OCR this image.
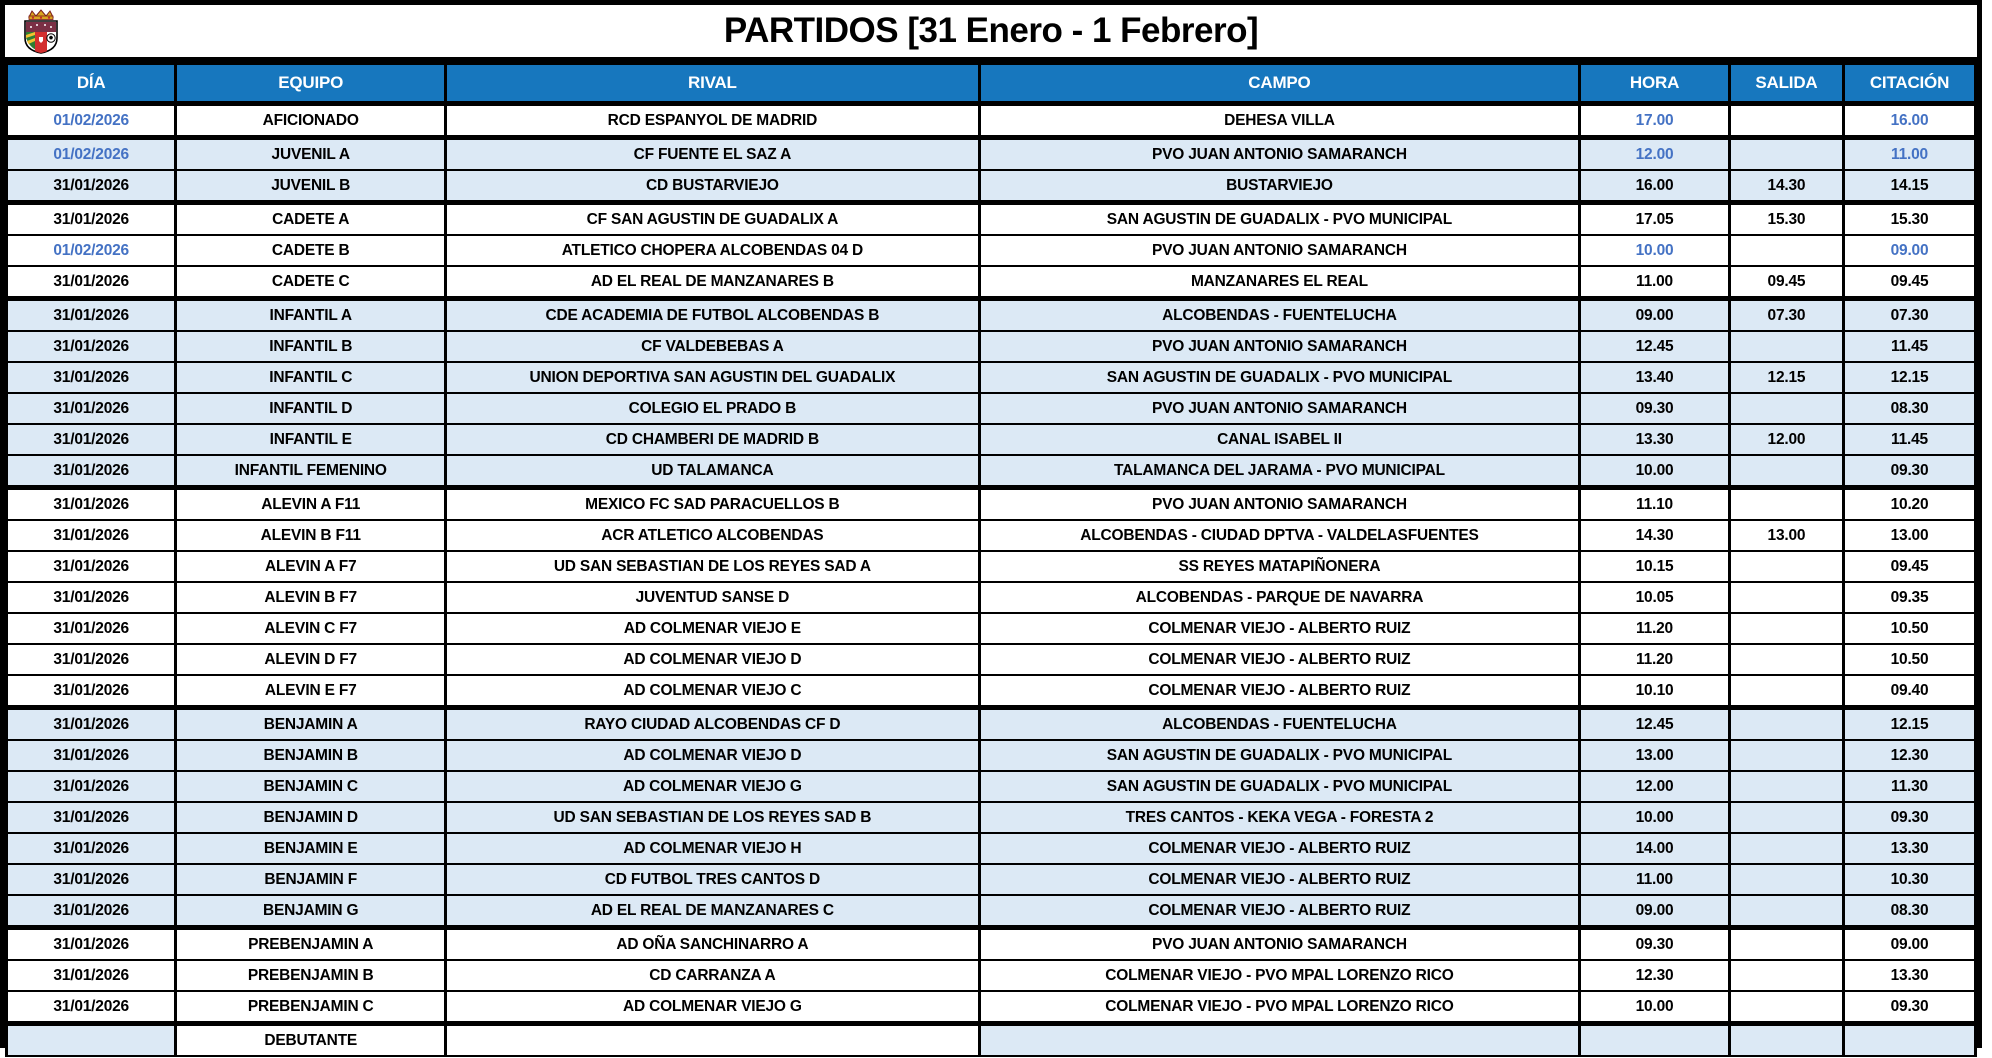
PARTIDOS [31 Enero - 1 Febrero]
DÍA	EQUIPO	RIVAL	CAMPO	HORA	SALIDA	CITACIÓN
01/02/2026	AFICIONADO	RCD ESPANYOL DE MADRID	DEHESA VILLA	17.00		16.00
01/02/2026	JUVENIL A	CF FUENTE EL SAZ A	PVO JUAN ANTONIO SAMARANCH	12.00		11.00
31/01/2026	JUVENIL B	CD BUSTARVIEJO	BUSTARVIEJO	16.00	14.30	14.15
31/01/2026	CADETE A	CF SAN AGUSTIN DE GUADALIX A	SAN AGUSTIN DE GUADALIX - PVO MUNICIPAL	17.05	15.30	15.30
01/02/2026	CADETE B	ATLETICO CHOPERA ALCOBENDAS 04 D	PVO JUAN ANTONIO SAMARANCH	10.00		09.00
31/01/2026	CADETE C	AD EL REAL DE MANZANARES B	MANZANARES EL REAL	11.00	09.45	09.45
31/01/2026	INFANTIL A	CDE ACADEMIA DE FUTBOL ALCOBENDAS B	ALCOBENDAS - FUENTELUCHA	09.00	07.30	07.30
31/01/2026	INFANTIL B	CF VALDEBEBAS A	PVO JUAN ANTONIO SAMARANCH	12.45		11.45
31/01/2026	INFANTIL C	UNION DEPORTIVA SAN AGUSTIN DEL GUADALIX	SAN AGUSTIN DE GUADALIX - PVO MUNICIPAL	13.40	12.15	12.15
31/01/2026	INFANTIL D	COLEGIO EL PRADO B	PVO JUAN ANTONIO SAMARANCH	09.30		08.30
31/01/2026	INFANTIL E	CD CHAMBERI DE MADRID B	CANAL ISABEL II	13.30	12.00	11.45
31/01/2026	INFANTIL FEMENINO	UD TALAMANCA	TALAMANCA DEL JARAMA - PVO MUNICIPAL	10.00		09.30
31/01/2026	ALEVIN A F11	MEXICO FC SAD PARACUELLOS B	PVO JUAN ANTONIO SAMARANCH	11.10		10.20
31/01/2026	ALEVIN B F11	ACR ATLETICO ALCOBENDAS	ALCOBENDAS - CIUDAD DPTVA - VALDELASFUENTES	14.30	13.00	13.00
31/01/2026	ALEVIN A F7	UD SAN SEBASTIAN DE LOS REYES SAD A	SS REYES MATAPIÑONERA	10.15		09.45
31/01/2026	ALEVIN B F7	JUVENTUD SANSE D	ALCOBENDAS - PARQUE DE NAVARRA	10.05		09.35
31/01/2026	ALEVIN C F7	AD COLMENAR VIEJO E	COLMENAR VIEJO - ALBERTO RUIZ	11.20		10.50
31/01/2026	ALEVIN D F7	AD COLMENAR VIEJO D	COLMENAR VIEJO - ALBERTO RUIZ	11.20		10.50
31/01/2026	ALEVIN E F7	AD COLMENAR VIEJO C	COLMENAR VIEJO - ALBERTO RUIZ	10.10		09.40
31/01/2026	BENJAMIN A	RAYO CIUDAD ALCOBENDAS CF D	ALCOBENDAS - FUENTELUCHA	12.45		12.15
31/01/2026	BENJAMIN B	AD COLMENAR VIEJO D	SAN AGUSTIN DE GUADALIX - PVO MUNICIPAL	13.00		12.30
31/01/2026	BENJAMIN C	AD COLMENAR VIEJO G	SAN AGUSTIN DE GUADALIX - PVO MUNICIPAL	12.00		11.30
31/01/2026	BENJAMIN D	UD SAN SEBASTIAN DE LOS REYES SAD B	TRES CANTOS - KEKA VEGA - FORESTA 2	10.00		09.30
31/01/2026	BENJAMIN E	AD COLMENAR VIEJO H	COLMENAR VIEJO - ALBERTO RUIZ	14.00		13.30
31/01/2026	BENJAMIN F	CD FUTBOL TRES CANTOS D	COLMENAR VIEJO - ALBERTO RUIZ	11.00		10.30
31/01/2026	BENJAMIN G	AD EL REAL DE MANZANARES C	COLMENAR VIEJO - ALBERTO RUIZ	09.00		08.30
31/01/2026	PREBENJAMIN A	AD OÑA SANCHINARRO A	PVO JUAN ANTONIO SAMARANCH	09.30		09.00
31/01/2026	PREBENJAMIN B	CD CARRANZA A	COLMENAR VIEJO - PVO MPAL LORENZO RICO	12.30		13.30
31/01/2026	PREBENJAMIN C	AD COLMENAR VIEJO G	COLMENAR VIEJO - PVO MPAL LORENZO RICO	10.00		09.30
	DEBUTANTE					
